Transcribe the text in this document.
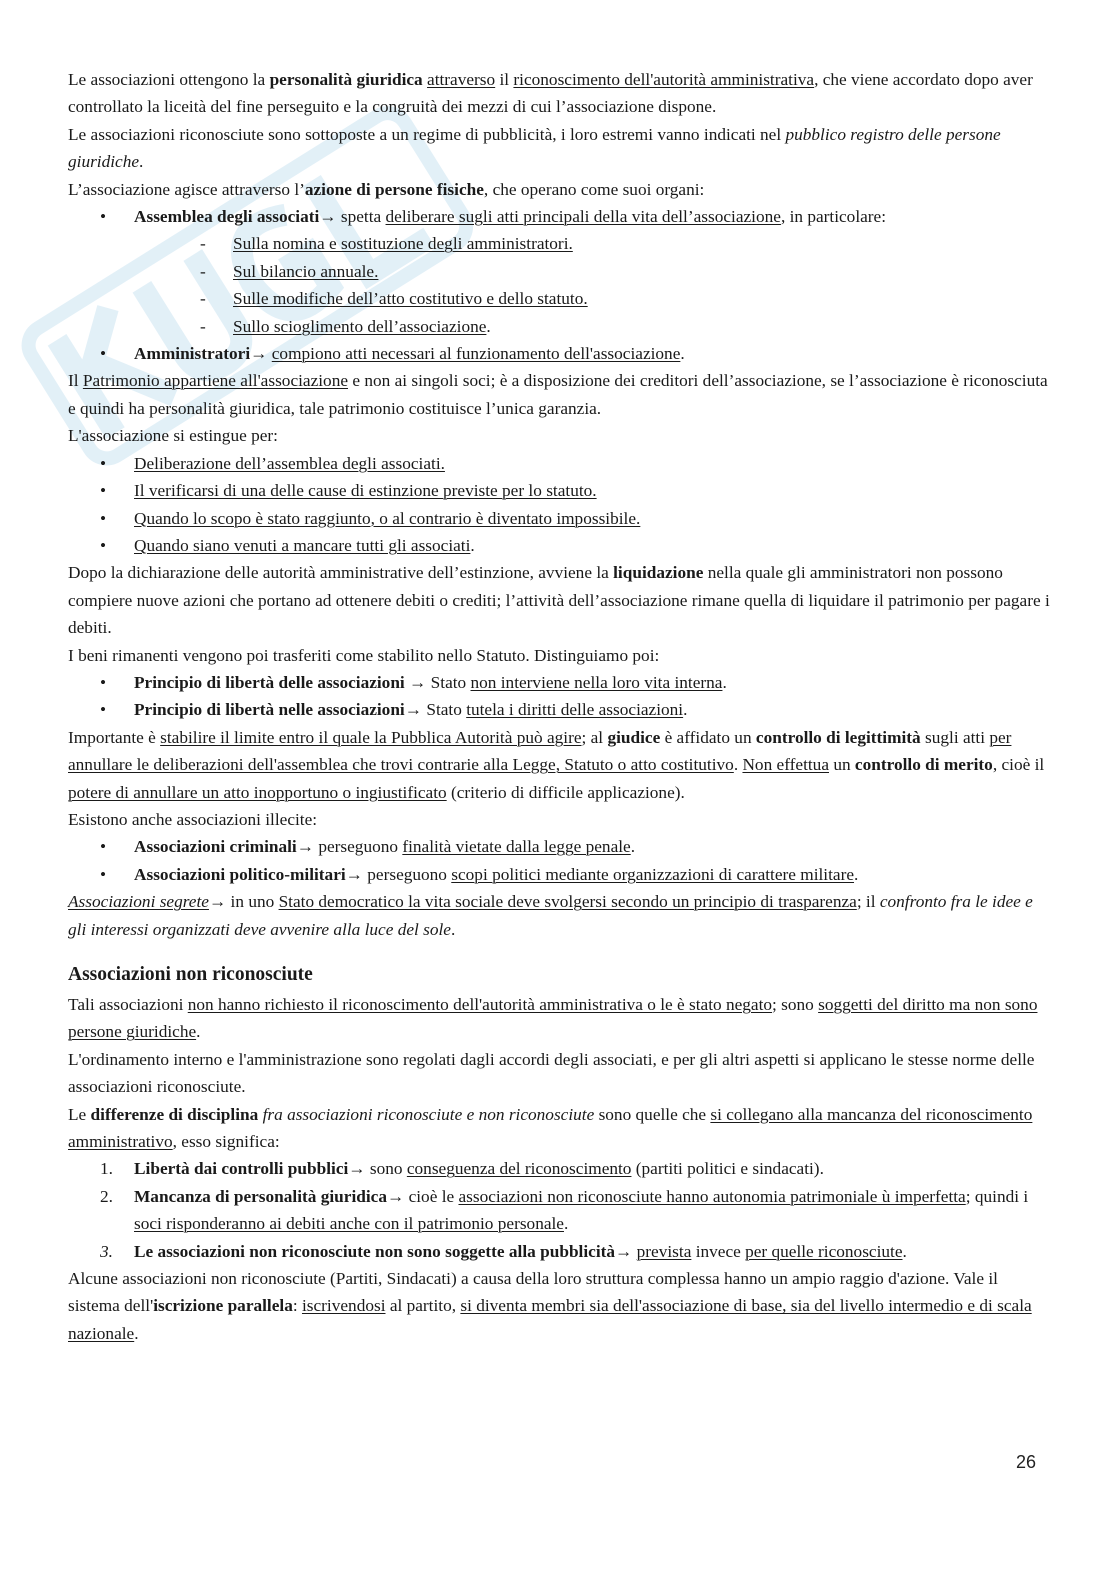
Le associazioni ottengono la personalità giuridica attraverso il riconoscimento dell'autorità amministrativa, che viene accordato dopo aver controllato la liceità del fine perseguito e la congruità dei mezzi di cui l’associazione dispone.

Le associazioni riconosciute sono sottoposte a un regime di pubblicità, i loro estremi vanno indicati nel pubblico registro delle persone giuridiche.

L’associazione agisce attraverso l’azione di persone fisiche, che operano come suoi organi:

• Assemblea degli associati→ spetta deliberare sugli atti principali della vita dell’associazione, in particolare:
- Sulla nomina e sostituzione degli amministratori.
- Sul bilancio annuale.
- Sulle modifiche dell’atto costitutivo e dello statuto.
- Sullo scioglimento dell’associazione.
• Amministratori→ compiono atti necessari al funzionamento dell'associazione.

Il Patrimonio appartiene all'associazione e non ai singoli soci; è a disposizione dei creditori dell’associazione, se l’associazione è riconosciuta e quindi ha personalità giuridica, tale patrimonio costituisce l’unica garanzia.

L'associazione si estingue per:

• Deliberazione dell’assemblea degli associati.
• Il verificarsi di una delle cause di estinzione previste per lo statuto.
• Quando lo scopo è stato raggiunto, o al contrario è diventato impossibile.
• Quando siano venuti a mancare tutti gli associati.

Dopo la dichiarazione delle autorità amministrative dell’estinzione, avviene la liquidazione nella quale gli amministratori non possono compiere nuove azioni che portano ad ottenere debiti o crediti; l’attività dell’associazione rimane quella di liquidare il patrimonio per pagare i debiti.

I beni rimanenti vengono poi trasferiti come stabilito nello Statuto. Distinguiamo poi:

• Principio di libertà delle associazioni → Stato non interviene nella loro vita interna.
• Principio di libertà nelle associazioni→ Stato tutela i diritti delle associazioni.

Importante è stabilire il limite entro il quale la Pubblica Autorità può agire; al giudice è affidato un controllo di legittimità sugli atti per annullare le deliberazioni dell'assemblea che trovi contrarie alla Legge, Statuto o atto costitutivo. Non effettua un controllo di merito, cioè il potere di annullare un atto inopportuno o ingiustificato (criterio di difficile applicazione).

Esistono anche associazioni illecite:

• Associazioni criminali→ perseguono finalità vietate dalla legge penale.
• Associazioni politico-militari→ perseguono scopi politici mediante organizzazioni di carattere militare.

Associazioni segrete→ in uno Stato democratico la vita sociale deve svolgersi secondo un principio di trasparenza; il confronto fra le idee e gli interessi organizzati deve avvenire alla luce del sole.

Associazioni non riconosciute

Tali associazioni non hanno richiesto il riconoscimento dell'autorità amministrativa o le è stato negato; sono soggetti del diritto ma non sono persone giuridiche.

L'ordinamento interno e l'amministrazione sono regolati dagli accordi degli associati, e per gli altri aspetti si applicano le stesse norme delle associazioni riconosciute.

Le differenze di disciplina fra associazioni riconosciute e non riconosciute sono quelle che si collegano alla mancanza del riconoscimento amministrativo, esso significa:

1. Libertà dai controlli pubblici→ sono conseguenza del riconoscimento (partiti politici e sindacati).
2. Mancanza di personalità giuridica→ cioè le associazioni non riconosciute hanno autonomia patrimoniale ù imperfetta; quindi i soci risponderanno ai debiti anche con il patrimonio personale.
3. Le associazioni non riconosciute non sono soggette alla pubblicità→ prevista invece per quelle riconosciute.

Alcune associazioni non riconosciute (Partiti, Sindacati) a causa della loro struttura complessa hanno un ampio raggio d'azione. Vale il sistema dell'iscrizione parallela: iscrivendosi al partito, si diventa membri sia dell'associazione di base, sia del livello intermedio e di scala nazionale.

26
